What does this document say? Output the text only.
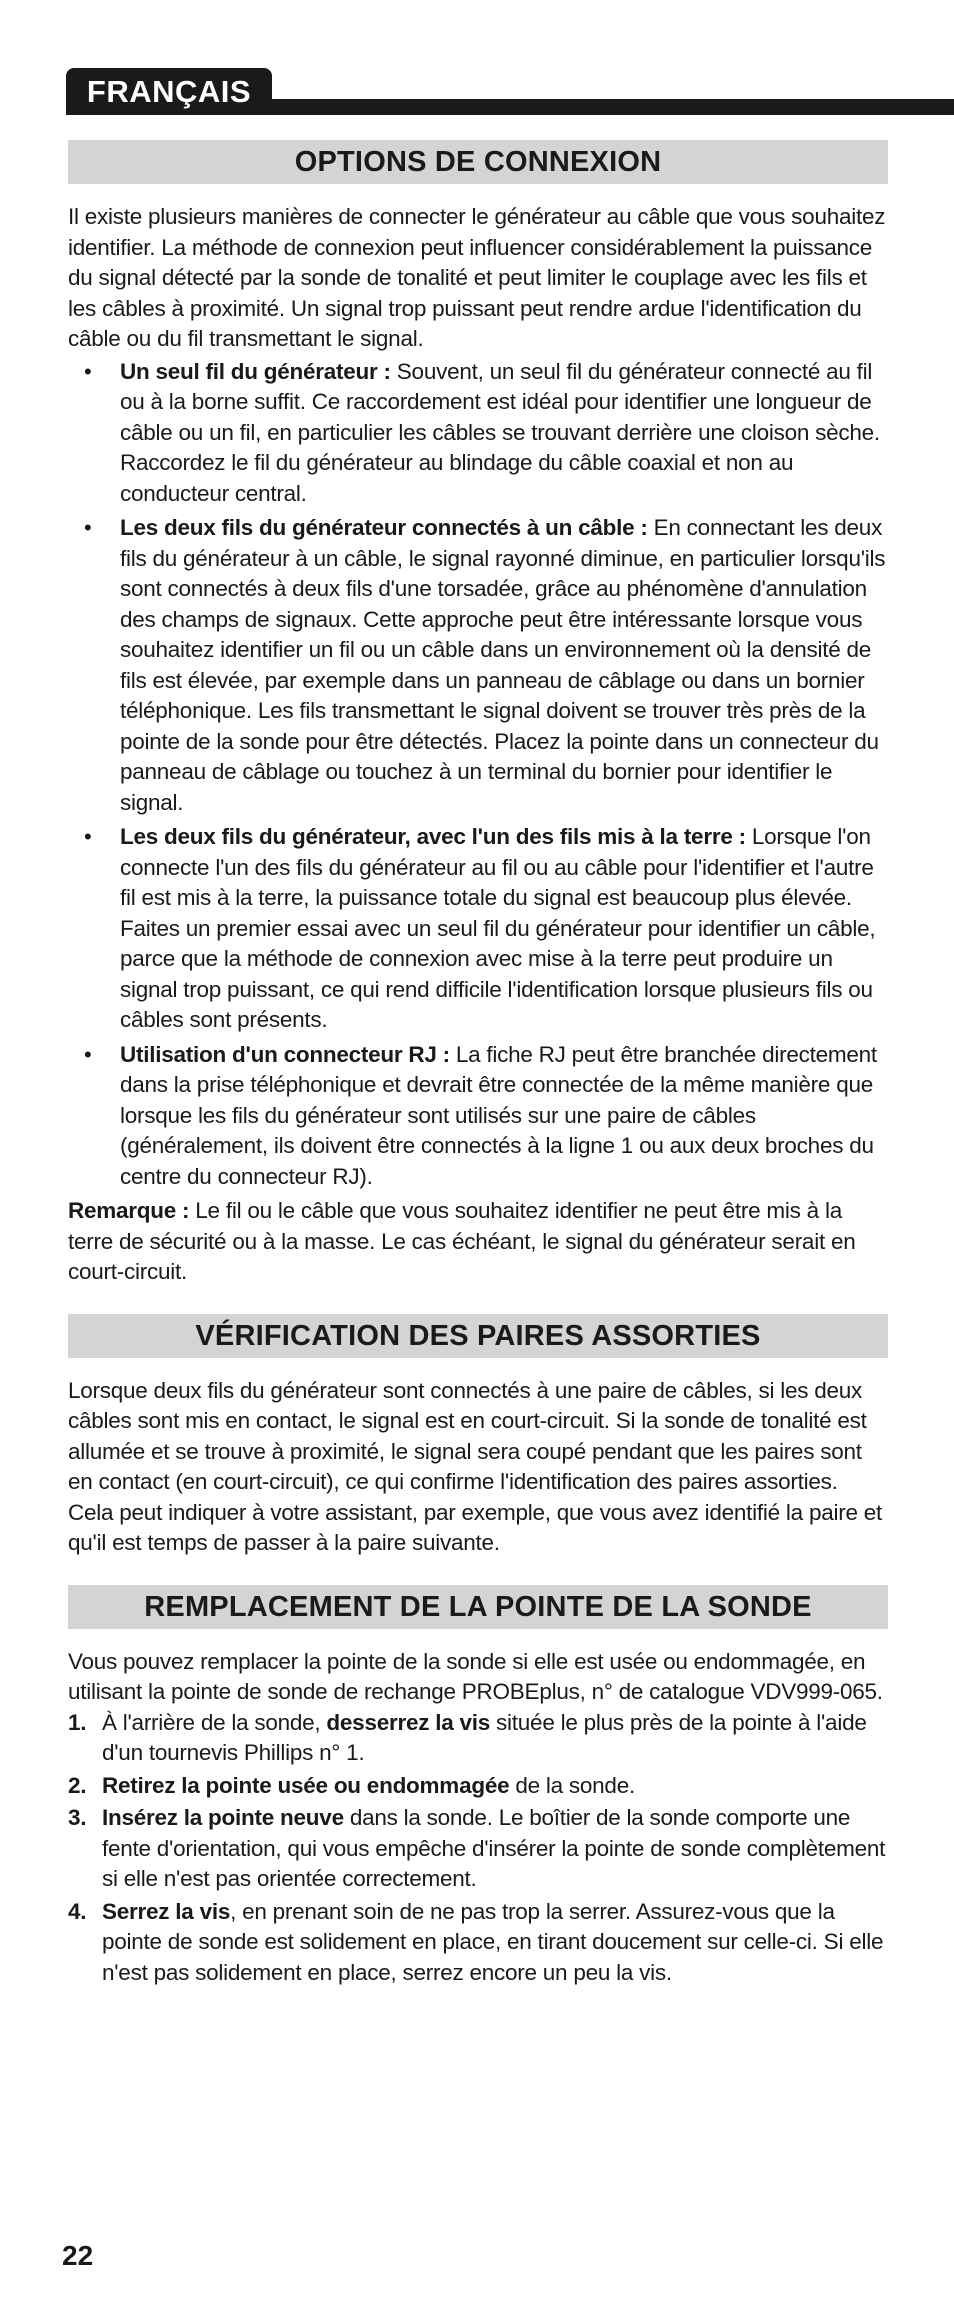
FRANÇAIS
OPTIONS DE CONNEXION

Il existe plusieurs manières de connecter le générateur au câble que vous souhaitez identifier. La méthode de connexion peut influencer considérablement la puissance du signal détecté par la sonde de tonalité et peut limiter le couplage avec les fils et les câbles à proximité. Un signal trop puissant peut rendre ardue l'identification du câble ou du fil transmettant le signal.

• Un seul fil du générateur : Souvent, un seul fil du générateur connecté au fil ou à la borne suffit. Ce raccordement est idéal pour identifier une longueur de câble ou un fil, en particulier les câbles se trouvant derrière une cloison sèche. Raccordez le fil du générateur au blindage du câble coaxial et non au conducteur central.
• Les deux fils du générateur connectés à un câble : En connectant les deux fils du générateur à un câble, le signal rayonné diminue, en particulier lorsqu'ils sont connectés à deux fils d'une torsadée, grâce au phénomène d'annulation des champs de signaux. Cette approche peut être intéressante lorsque vous souhaitez identifier un fil ou un câble dans un environnement où la densité de fils est élevée, par exemple dans un panneau de câblage ou dans un bornier téléphonique. Les fils transmettant le signal doivent se trouver très près de la pointe de la sonde pour être détectés. Placez la pointe dans un connecteur du panneau de câblage ou touchez à un terminal du bornier pour identifier le signal.
• Les deux fils du générateur, avec l'un des fils mis à la terre : Lorsque l'on connecte l'un des fils du générateur au fil ou au câble pour l'identifier et l'autre fil est mis à la terre, la puissance totale du signal est beaucoup plus élevée. Faites un premier essai avec un seul fil du générateur pour identifier un câble, parce que la méthode de connexion avec mise à la terre peut produire un signal trop puissant, ce qui rend difficile l'identification lorsque plusieurs fils ou câbles sont présents.
• Utilisation d'un connecteur RJ : La fiche RJ peut être branchée directement dans la prise téléphonique et devrait être connectée de la même manière que lorsque les fils du générateur sont utilisés sur une paire de câbles (généralement, ils doivent être connectés à la ligne 1 ou aux deux broches du centre du connecteur RJ).

Remarque : Le fil ou le câble que vous souhaitez identifier ne peut être mis à la terre de sécurité ou à la masse. Le cas échéant, le signal du générateur serait en court-circuit.

VÉRIFICATION DES PAIRES ASSORTIES

Lorsque deux fils du générateur sont connectés à une paire de câbles, si les deux câbles sont mis en contact, le signal est en court-circuit. Si la sonde de tonalité est allumée et se trouve à proximité, le signal sera coupé pendant que les paires sont en contact (en court-circuit), ce qui confirme l'identification des paires assorties. Cela peut indiquer à votre assistant, par exemple, que vous avez identifié la paire et qu'il est temps de passer à la paire suivante.

REMPLACEMENT DE LA POINTE DE LA SONDE

Vous pouvez remplacer la pointe de la sonde si elle est usée ou endommagée, en utilisant la pointe de sonde de rechange PROBEplus, n° de catalogue VDV999-065.

1. À l'arrière de la sonde, desserrez la vis située le plus près de la pointe à l'aide d'un tournevis Phillips n° 1.
2. Retirez la pointe usée ou endommagée de la sonde.
3. Insérez la pointe neuve dans la sonde. Le boîtier de la sonde comporte une fente d'orientation, qui vous empêche d'insérer la pointe de sonde complètement si elle n'est pas orientée correctement.
4. Serrez la vis, en prenant soin de ne pas trop la serrer. Assurez-vous que la pointe de sonde est solidement en place, en tirant doucement sur celle-ci. Si elle n'est pas solidement en place, serrez encore un peu la vis.
22
